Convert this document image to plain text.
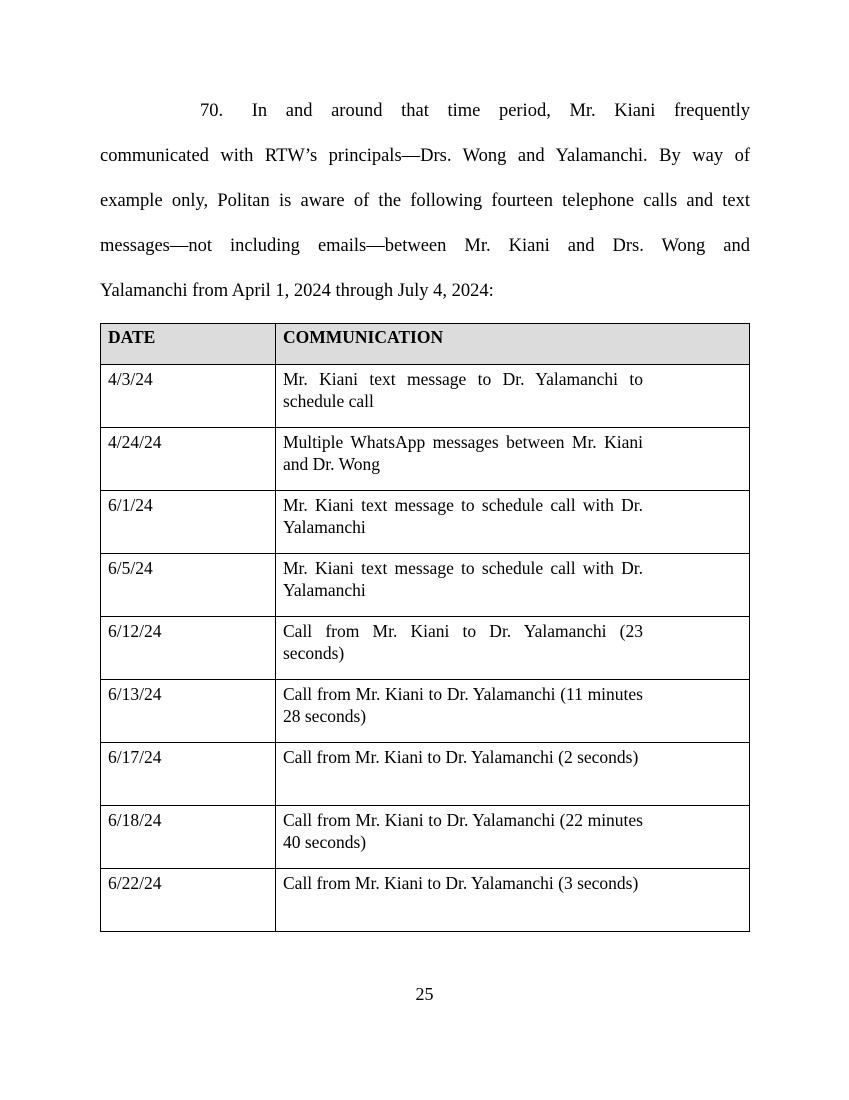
70. In and around that time period, Mr. Kiani frequently
communicated with RTW’s principals—Drs. Wong and Yalamanchi. By way of
example only, Politan is aware of the following fourteen telephone calls and text
messages—not including emails—between Mr. Kiani and Drs. Wong and
Yalamanchi from April 1, 2024 through July 4, 2024:
DATE	COMMUNICATION

4/3/24	Mr. Kiani text message to Dr. Yalamanchi to schedule call

4/24/24	Multiple WhatsApp messages between Mr. Kiani and Dr. Wong

6/1/24	Mr. Kiani text message to schedule call with Dr. Yalamanchi

6/5/24	Mr. Kiani text message to schedule call with Dr. Yalamanchi

6/12/24	Call from Mr. Kiani to Dr. Yalamanchi (23 seconds)

6/13/24	Call from Mr. Kiani to Dr. Yalamanchi (11 minutes 28 seconds)

6/17/24	Call from Mr. Kiani to Dr. Yalamanchi (2 seconds)

6/18/24	Call from Mr. Kiani to Dr. Yalamanchi (22 minutes 40 seconds)

6/22/24	Call from Mr. Kiani to Dr. Yalamanchi (3 seconds)
25
